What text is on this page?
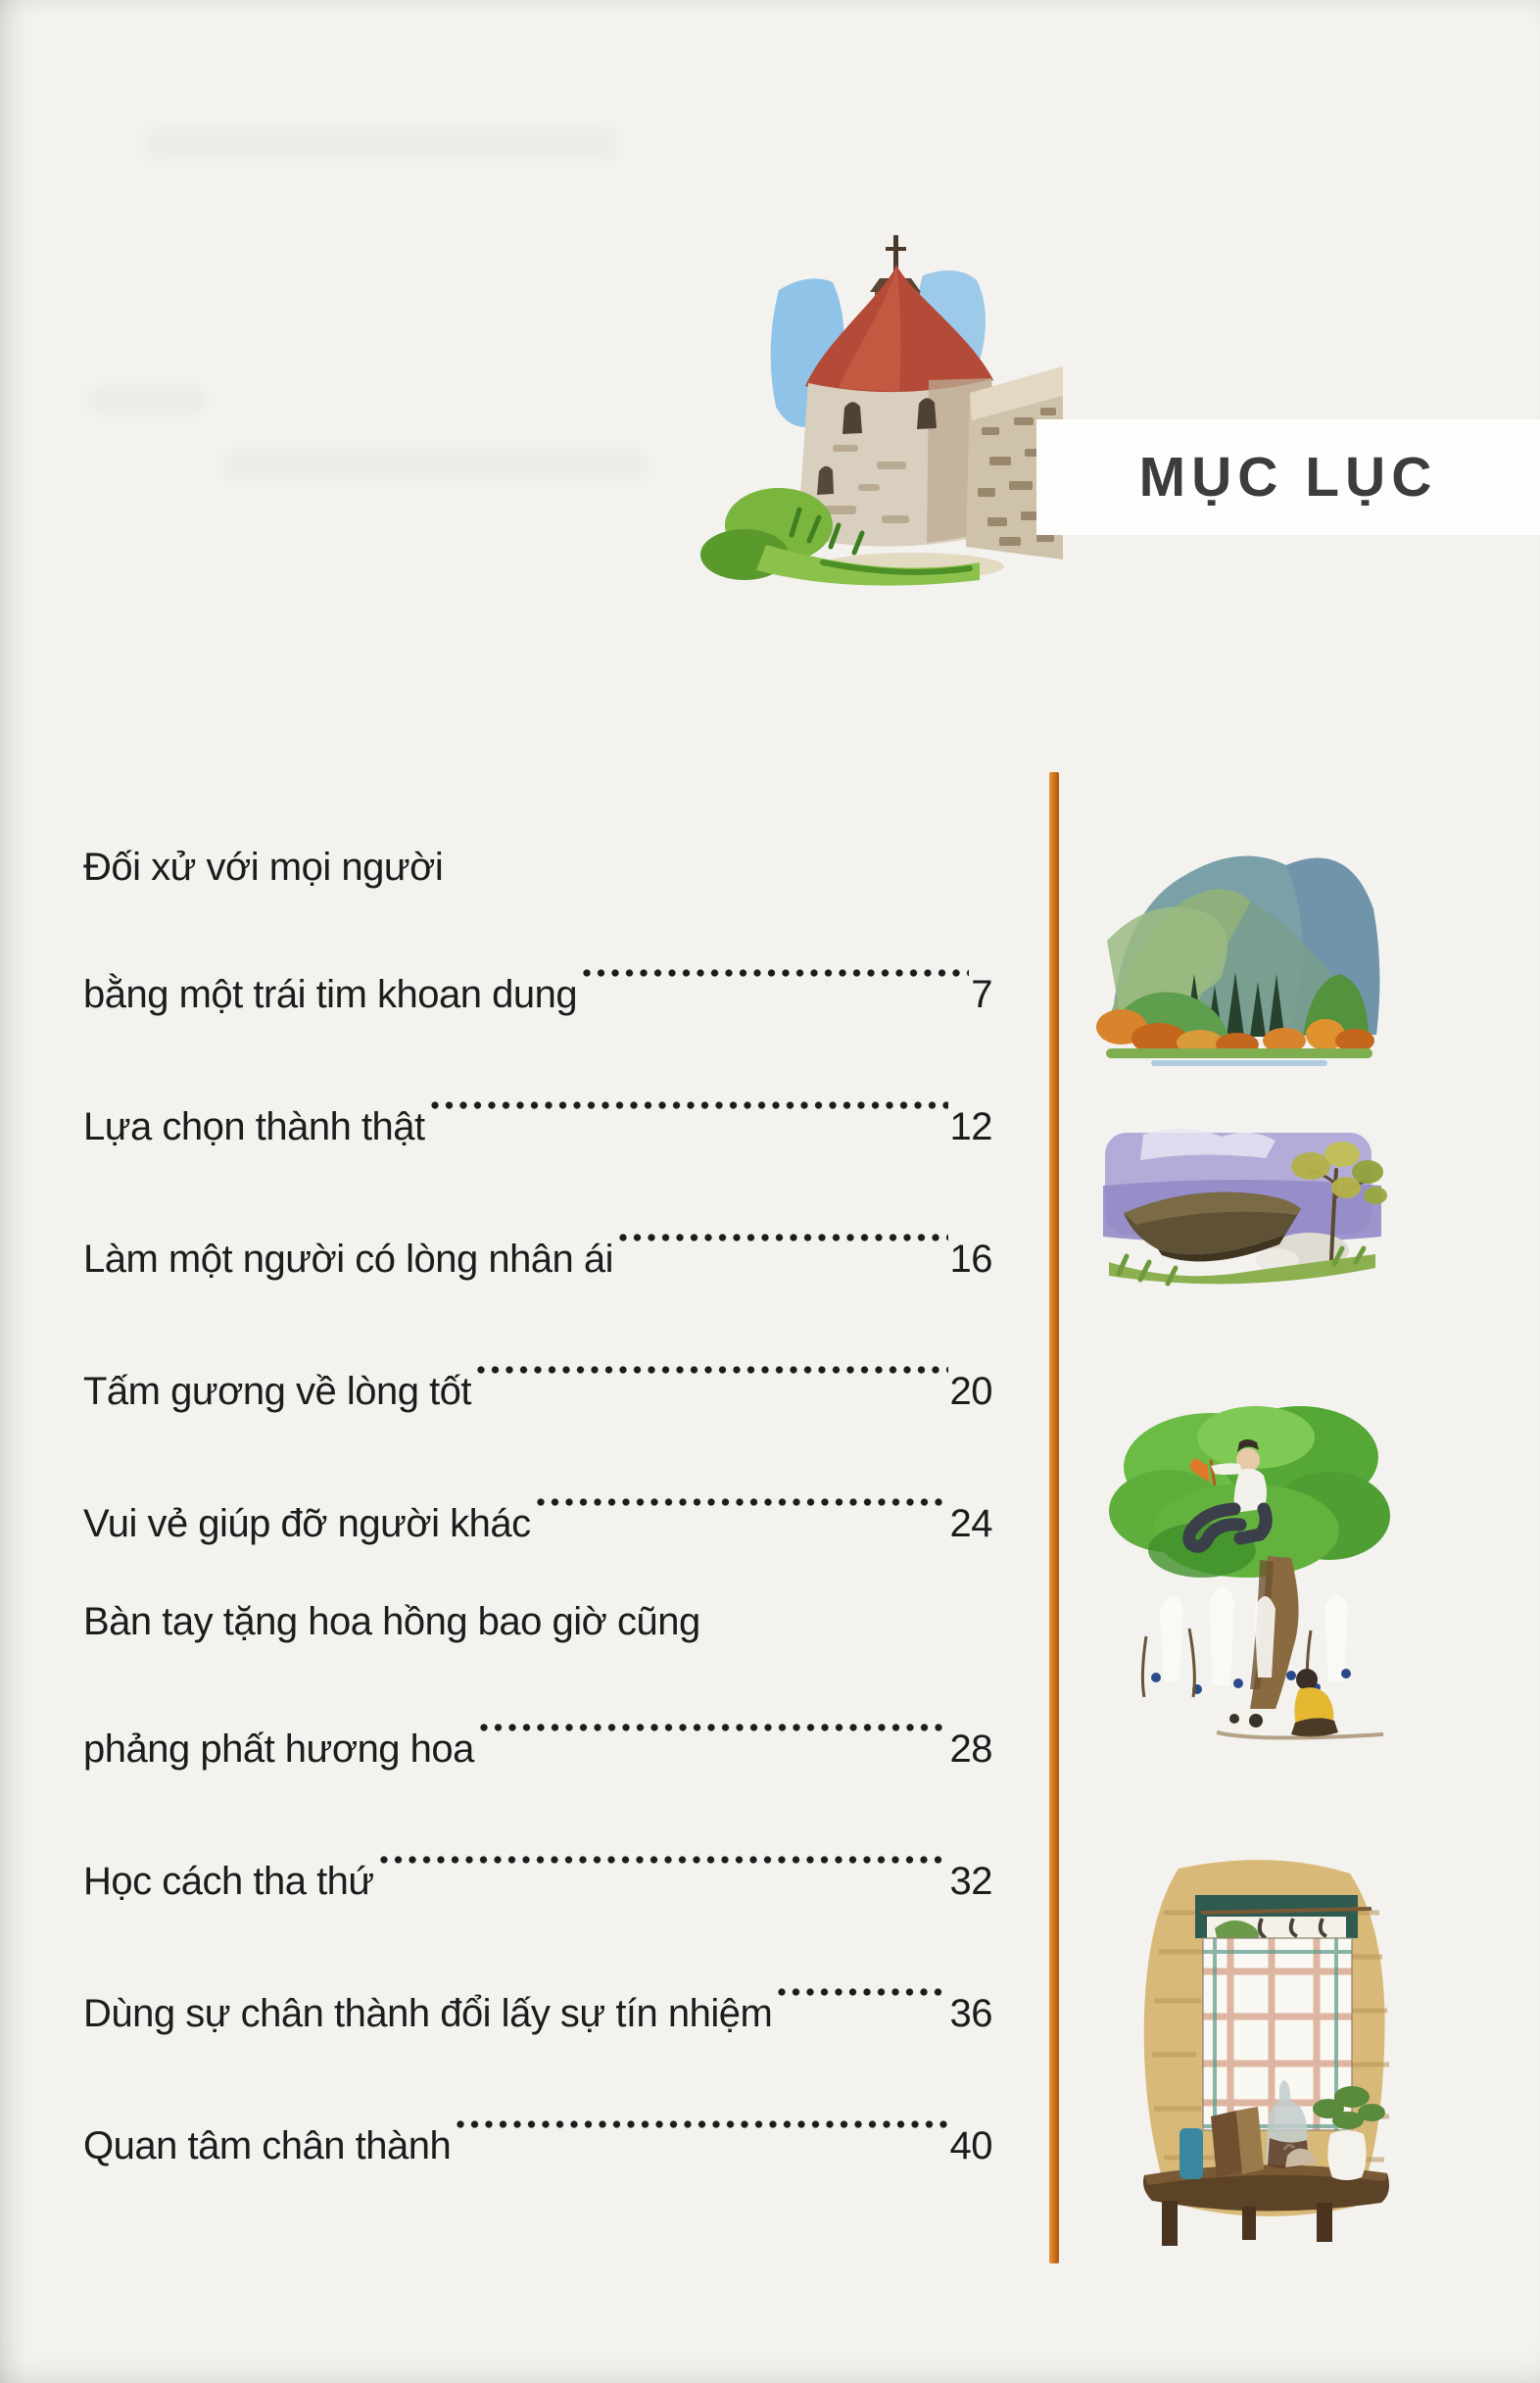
MỤC LỤC
Đối xử với mọi người
bằng một trái tim khoan dung	7
Lựa chọn thành thật	12
Làm một người có lòng nhân ái	16
Tấm gương về lòng tốt	20
Vui vẻ giúp đỡ người khác	24
Bàn tay tặng hoa hồng bao giờ cũng
phảng phất hương hoa	28
Học cách tha thứ	32
Dùng sự chân thành đổi lấy sự tín nhiệm	36
Quan tâm chân thành	40
